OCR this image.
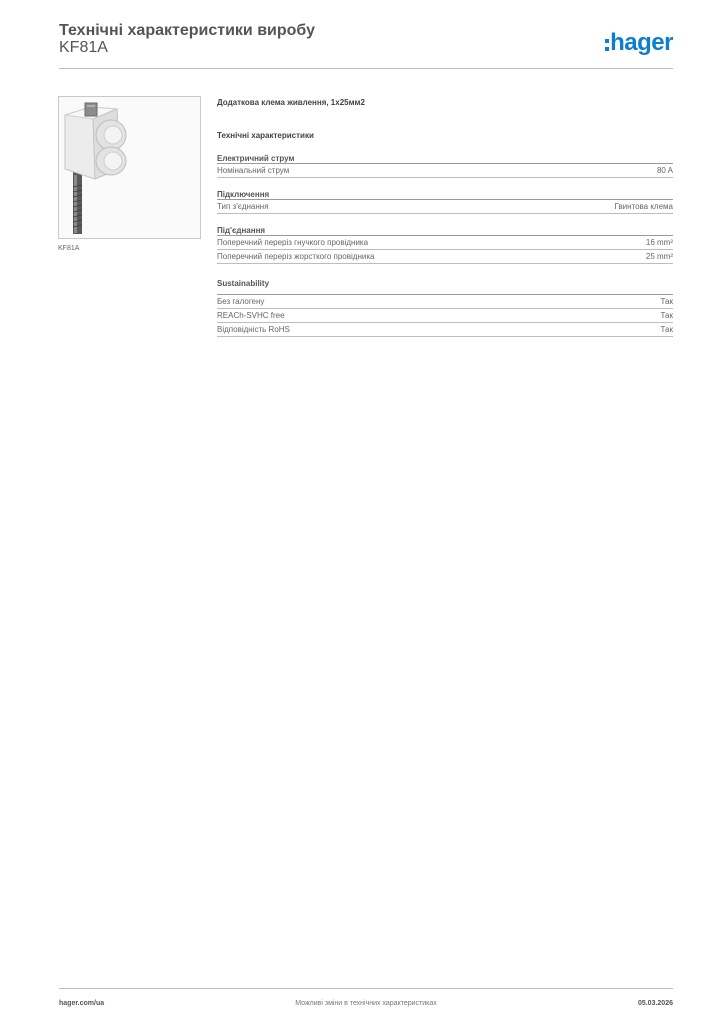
Технічні характеристики виробу
KF81A	hager
KF81A
Додаткова клема живлення, 1x25мм2
Технічні характеристики
Електричний струм
Номінальний струм	80 A
Підключення
Тип з'єднання	Гвинтова клема
Під'єднання
Поперечний переріз гнучкого провідника	16 mm²
Поперечний переріз жорсткого провідника	25 mm²
Sustainability
Без галогену	Так
REACh-SVHC free	Так
Відповідність RoHS	Так
Можливі зміни в технічних характеристиках
hager.com/ua	05.03.2026
